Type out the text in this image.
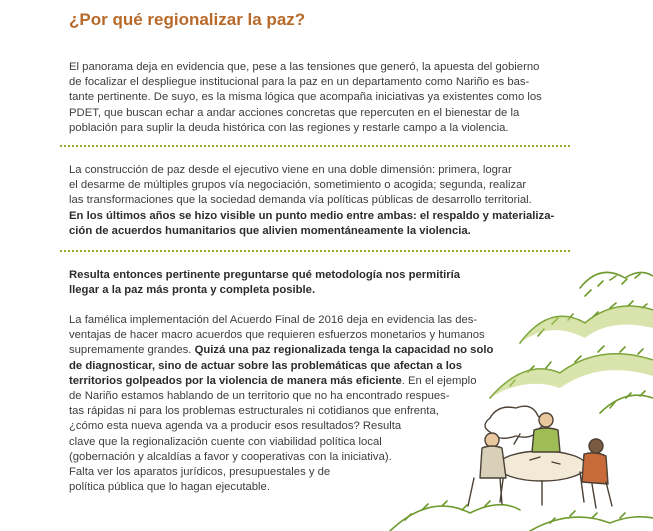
¿Por qué regionalizar la paz?

El panorama deja en evidencia que, pese a las tensiones que generó, la apuesta del gobierno
de focalizar el despliegue institucional para la paz en un departamento como Nariño es bas-
tante pertinente. De suyo, es la misma lógica que acompaña iniciativas ya existentes como los
PDET, que buscan echar a andar acciones concretas que repercuten en el bienestar de la
población para suplir la deuda histórica con las regiones y restarle campo a la violencia.

La construcción de paz desde el ejecutivo viene en una doble dimensión: primera, lograr
el desarme de múltiples grupos vía negociación, sometimiento o acogida; segunda, realizar
las transformaciones que la sociedad demanda vía políticas públicas de desarrollo territorial.
En los últimos años se hizo visible un punto medio entre ambas: el respaldo y materializa-
ción de acuerdos humanitarios que alivien momentáneamente la violencia.

Resulta entonces pertinente preguntarse qué metodología nos permitiría
llegar a la paz más pronta y completa posible.

La famélica implementación del Acuerdo Final de 2016 deja en evidencia las des-
ventajas de hacer macro acuerdos que requieren esfuerzos monetarios y humanos
supremamente grandes. Quizá una paz regionalizada tenga la capacidad no solo
de diagnosticar, sino de actuar sobre las problemáticas que afectan a los
territorios golpeados por la violencia de manera más eficiente. En el ejemplo
de Nariño estamos hablando de un territorio que no ha encontrado respues-
tas rápidas ni para los problemas estructurales ni cotidianos que enfrenta,
¿cómo esta nueva agenda va a producir esos resultados? Resulta
clave que la regionalización cuente con viabilidad política local
(gobernación y alcaldías a favor y cooperativas con la iniciativa).
Falta ver los aparatos jurídicos, presupuestales y de
política pública que lo hagan ejecutable.
